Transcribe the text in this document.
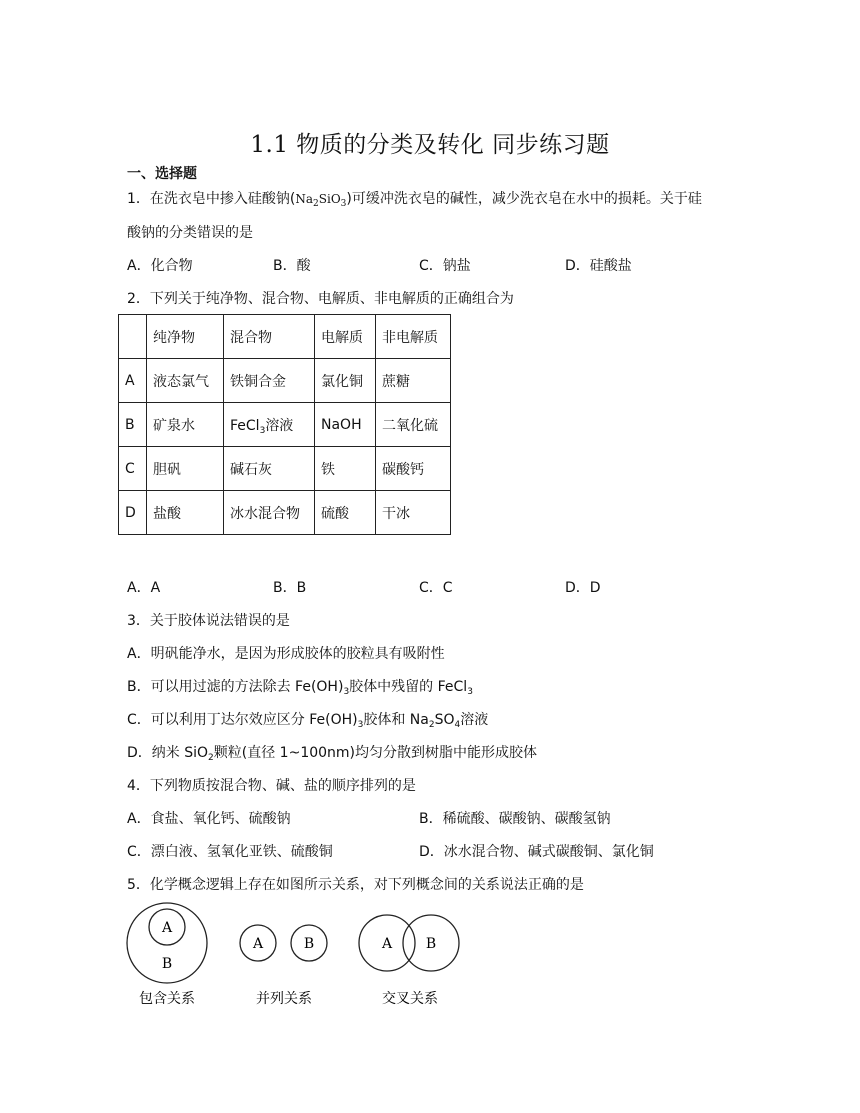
1.1 物质的分类及转化 同步练习题
一、选择题
1．在洗衣皂中掺入硅酸钠$(Na_2SiO_3)$可缓冲洗衣皂的碱性，减少洗衣皂在水中的损耗。关于硅
酸钠的分类错误的是
A．化合物	B．酸	C．钠盐	D．硅酸盐
2．下列关于纯净物、混合物、电解质、非电解质的正确组合为
	纯净物	混合物	电解质	非电解质
A	液态氯气	铁铜合金	氯化铜	蔗糖
B	矿泉水	FeCl$_3$溶液	NaOH	二氧化硫
C	胆矾	碱石灰	铁	碳酸钙
D	盐酸	冰水混合物	硫酸	干冰
A．A	B．B	C．C	D．D
3．关于胶体说法错误的是
A．明矾能净水，是因为形成胶体的胶粒具有吸附性
B．可以用过滤的方法除去 $Fe(OH)_3$胶体中残留的 FeCl$_3$
C．可以利用丁达尔效应区分 $Fe(OH)_3$胶体和 $Na_2SO_4$溶液
D．纳米 SiO$_2$颗粒(直径 1~100nm)均匀分散到树脂中能形成胶体
4．下列物质按混合物、碱、盐的顺序排列的是
A．食盐、氧化钙、硫酸钠	B．稀硫酸、碳酸钠、碳酸氢钠
C．漂白液、氢氧化亚铁、硫酸铜	D．冰水混合物、碱式碳酸铜、氯化铜
5．化学概念逻辑上存在如图所示关系，对下列概念间的关系说法正确的是
A
B
包含关系
A	B
并列关系
A B
交叉关系
